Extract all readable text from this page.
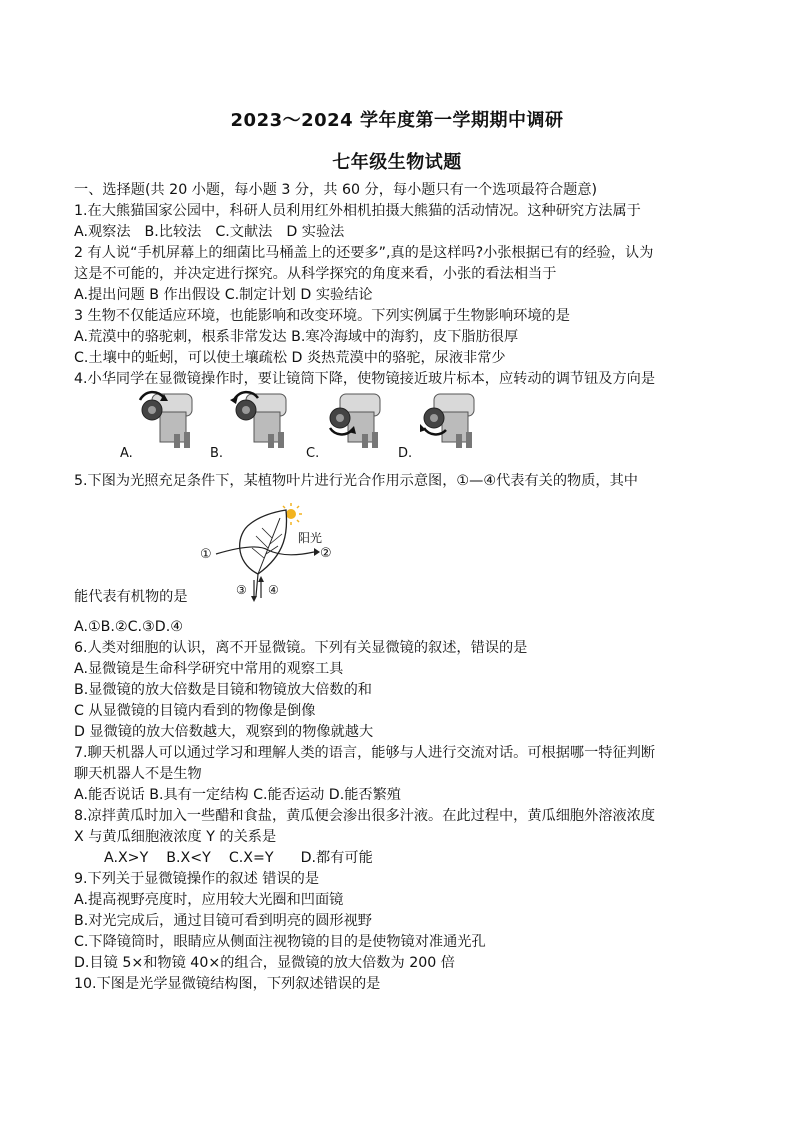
2023～2024 学年度第一学期期中调研
七年级生物试题
一、选择题(共 20 小题，每小题 3 分，共 60 分，每小题只有一个选项最符合题意)
1.在大熊猫国家公园中，科研人员利用红外相机拍摄大熊猫的活动情况。这种研究方法属于
A.观察法 B.比较法 C.文献法 D 实验法
2 有人说“手机屏幕上的细菌比马桶盖上的还要多”,真的是这样吗?小张根据已有的经验，认为
这是不可能的，并决定进行探究。从科学探究的角度来看，小张的看法相当于
A.提出问题 B 作出假设 C.制定计划 D 实验结论
3 生物不仅能适应环境，也能影响和改变环境。下列实例属于生物影响环境的是
A.荒漠中的骆驼刺，根系非常发达 B.寒冷海域中的海豹，皮下脂肪很厚
C.土壤中的蚯蚓，可以使土壤疏松 D 炎热荒漠中的骆驼，尿液非常少
4.小华同学在显微镜操作时，要让镜筒下降，使物镜接近玻片标本，应转动的调节钮及方向是
A.	B.	C.	D.
5.下图为光照充足条件下，某植物叶片进行光合作用示意图，①—④代表有关的物质，其中
①	②
③ ④
阳光
能代表有机物的是
A.①B.②C.③D.④
6.人类对细胞的认识，离不开显微镜。下列有关显微镜的叙述，错误的是
A.显微镜是生命科学研究中常用的观察工具
B.显微镜的放大倍数是目镜和物镜放大倍数的和
C 从显微镜的目镜内看到的物像是倒像
D 显微镜的放大倍数越大，观察到的物像就越大
7.聊天机器人可以通过学习和理解人类的语言，能够与人进行交流对话。可根据哪一特征判断
聊天机器人不是生物
A.能否说话 B.具有一定结构 C.能否运动 D.能否繁殖
8.凉拌黄瓜时加入一些醋和食盐，黄瓜便会渗出很多汁液。在此过程中，黄瓜细胞外溶液浓度
X 与黄瓜细胞液浓度 Y 的关系是
A.X>Y    B.X<Y    C.X=Y      D.都有可能
9.下列关于显微镜操作的叙述 错误的是
A.提高视野亮度时，应用较大光圈和凹面镜
B.对光完成后，通过目镜可看到明亮的圆形视野
C.下降镜筒时，眼睛应从侧面注视物镜的目的是使物镜对准通光孔
D.目镜 5×和物镜 40×的组合，显微镜的放大倍数为 200 倍
10.下图是光学显微镜结构图，下列叙述错误的是
